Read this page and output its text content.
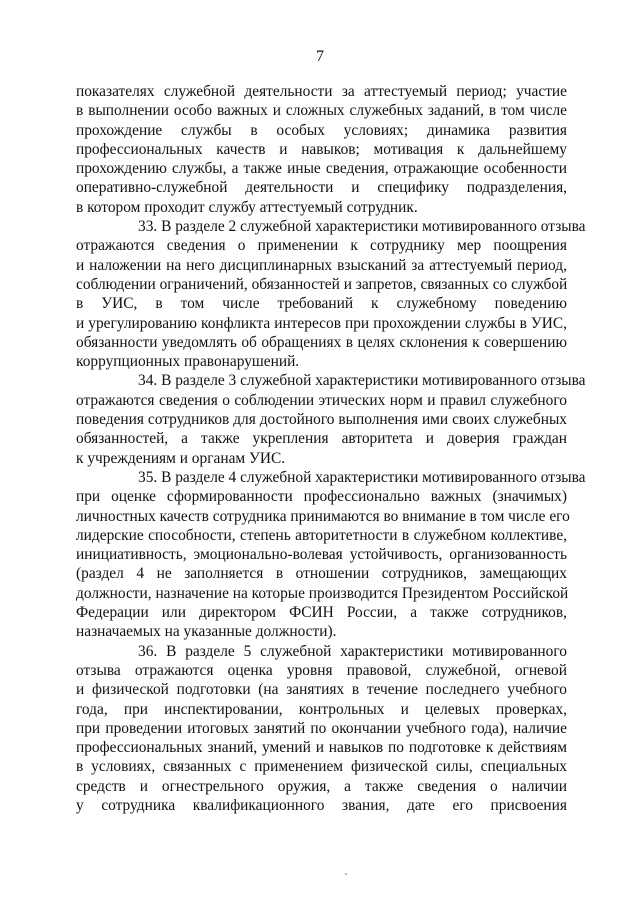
7
показателях служебной деятельности за аттестуемый период; участие
в выполнении особо важных и сложных служебных заданий, в том числе
прохождение службы в особых условиях; динамика развития
профессиональных качеств и навыков; мотивация к дальнейшему
прохождению службы, а также иные сведения, отражающие особенности
оперативно-служебной деятельности и специфику подразделения,
в котором проходит службу аттестуемый сотрудник.
33. В разделе 2 служебной характеристики мотивированного отзыва
отражаются сведения о применении к сотруднику мер поощрения
и наложении на него дисциплинарных взысканий за аттестуемый период,
соблюдении ограничений, обязанностей и запретов, связанных со службой
в УИС, в том числе требований к служебному поведению
и урегулированию конфликта интересов при прохождении службы в УИС,
обязанности уведомлять об обращениях в целях склонения к совершению
коррупционных правонарушений.
34. В разделе 3 служебной характеристики мотивированного отзыва
отражаются сведения о соблюдении этических норм и правил служебного
поведения сотрудников для достойного выполнения ими своих служебных
обязанностей, а также укрепления авторитета и доверия граждан
к учреждениям и органам УИС.
35. В разделе 4 служебной характеристики мотивированного отзыва
при оценке сформированности профессионально важных (значимых)
личностных качеств сотрудника принимаются во внимание в том числе его
лидерские способности, степень авторитетности в служебном коллективе,
инициативность, эмоционально-волевая устойчивость, организованность
(раздел 4 не заполняется в отношении сотрудников, замещающих
должности, назначение на которые производится Президентом Российской
Федерации или директором ФСИН России, а также сотрудников,
назначаемых на указанные должности).
36. В разделе 5 служебной характеристики мотивированного
отзыва отражаются оценка уровня правовой, служебной, огневой
и физической подготовки (на занятиях в течение последнего учебного
года, при инспектировании, контрольных и целевых проверках,
при проведении итоговых занятий по окончании учебного года), наличие
профессиональных знаний, умений и навыков по подготовке к действиям
в условиях, связанных с применением физической силы, специальных
средств и огнестрельного оружия, а также сведения о наличии
у сотрудника квалификационного звания, дате его присвоения
